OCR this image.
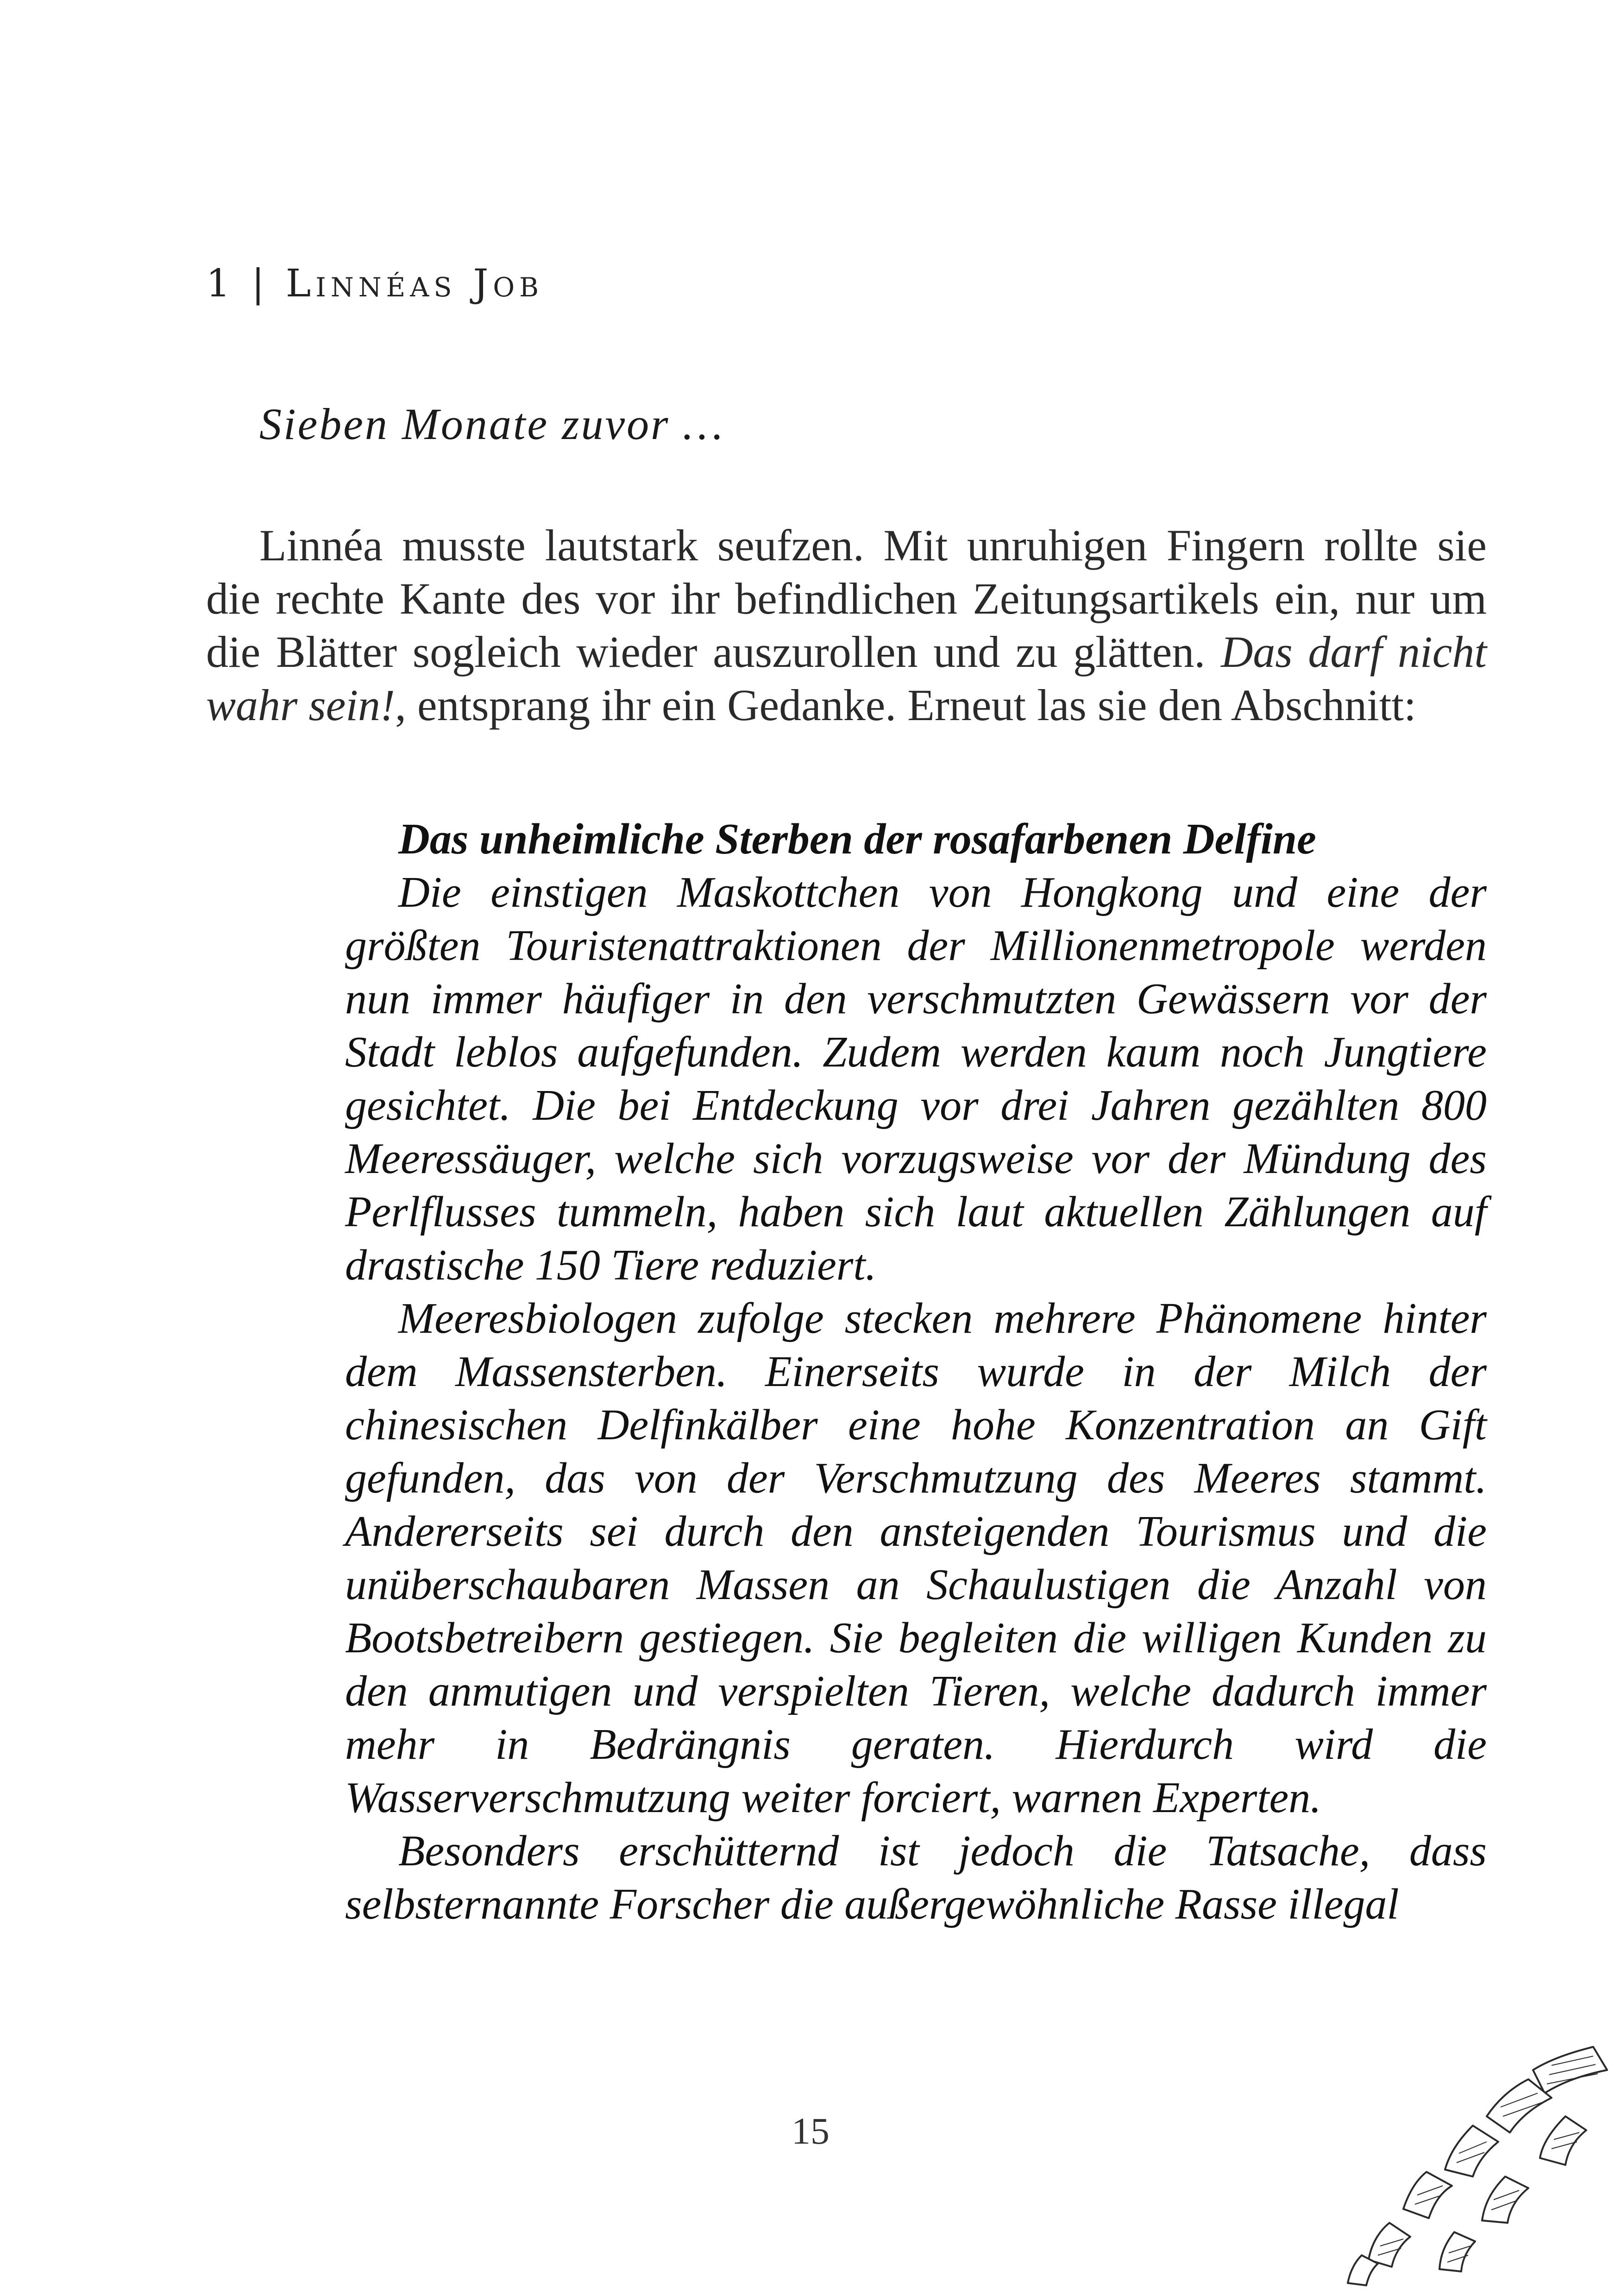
1 | Linnéas Job
Sieben Monate zuvor …

Linnéa musste lautstark seufzen. Mit unruhigen Fingern rollte sie die rechte Kante des vor ihr befindlichen Zeitungsartikels ein, nur um die Blätter sogleich wieder auszurollen und zu glätten. Das darf nicht wahr sein!, entsprang ihr ein Gedanke. Erneut las sie den Abschnitt:

Das unheimliche Sterben der rosafarbenen Delfine

Die einstigen Maskottchen von Hongkong und eine der größten Touristenattraktionen der Millionenmetropole werden nun immer häufiger in den verschmutzten Gewässern vor der Stadt leblos aufgefunden. Zudem werden kaum noch Jungtiere gesichtet. Die bei Entdeckung vor drei Jahren gezählten 800 Meeressäuger, welche sich vorzugsweise vor der Mündung des Perlflusses tummeln, haben sich laut aktuellen Zählungen auf drastische 150 Tiere reduziert.

Meeresbiologen zufolge stecken mehrere Phänomene hinter dem Massensterben. Einerseits wurde in der Milch der chinesischen Delfinkälber eine hohe Konzentration an Gift gefunden, das von der Verschmutzung des Meeres stammt. Andererseits sei durch den ansteigenden Tourismus und die unüberschaubaren Massen an Schaulustigen die Anzahl von Bootsbetreibern gestiegen. Sie begleiten die willigen Kunden zu den anmutigen und verspielten Tieren, welche dadurch immer mehr in Bedrängnis geraten. Hierdurch wird die Wasserverschmutzung weiter forciert, warnen Experten.

Besonders erschütternd ist jedoch die Tatsache, dass selbsternannte Forscher die außergewöhnliche Rasse illegal

15
